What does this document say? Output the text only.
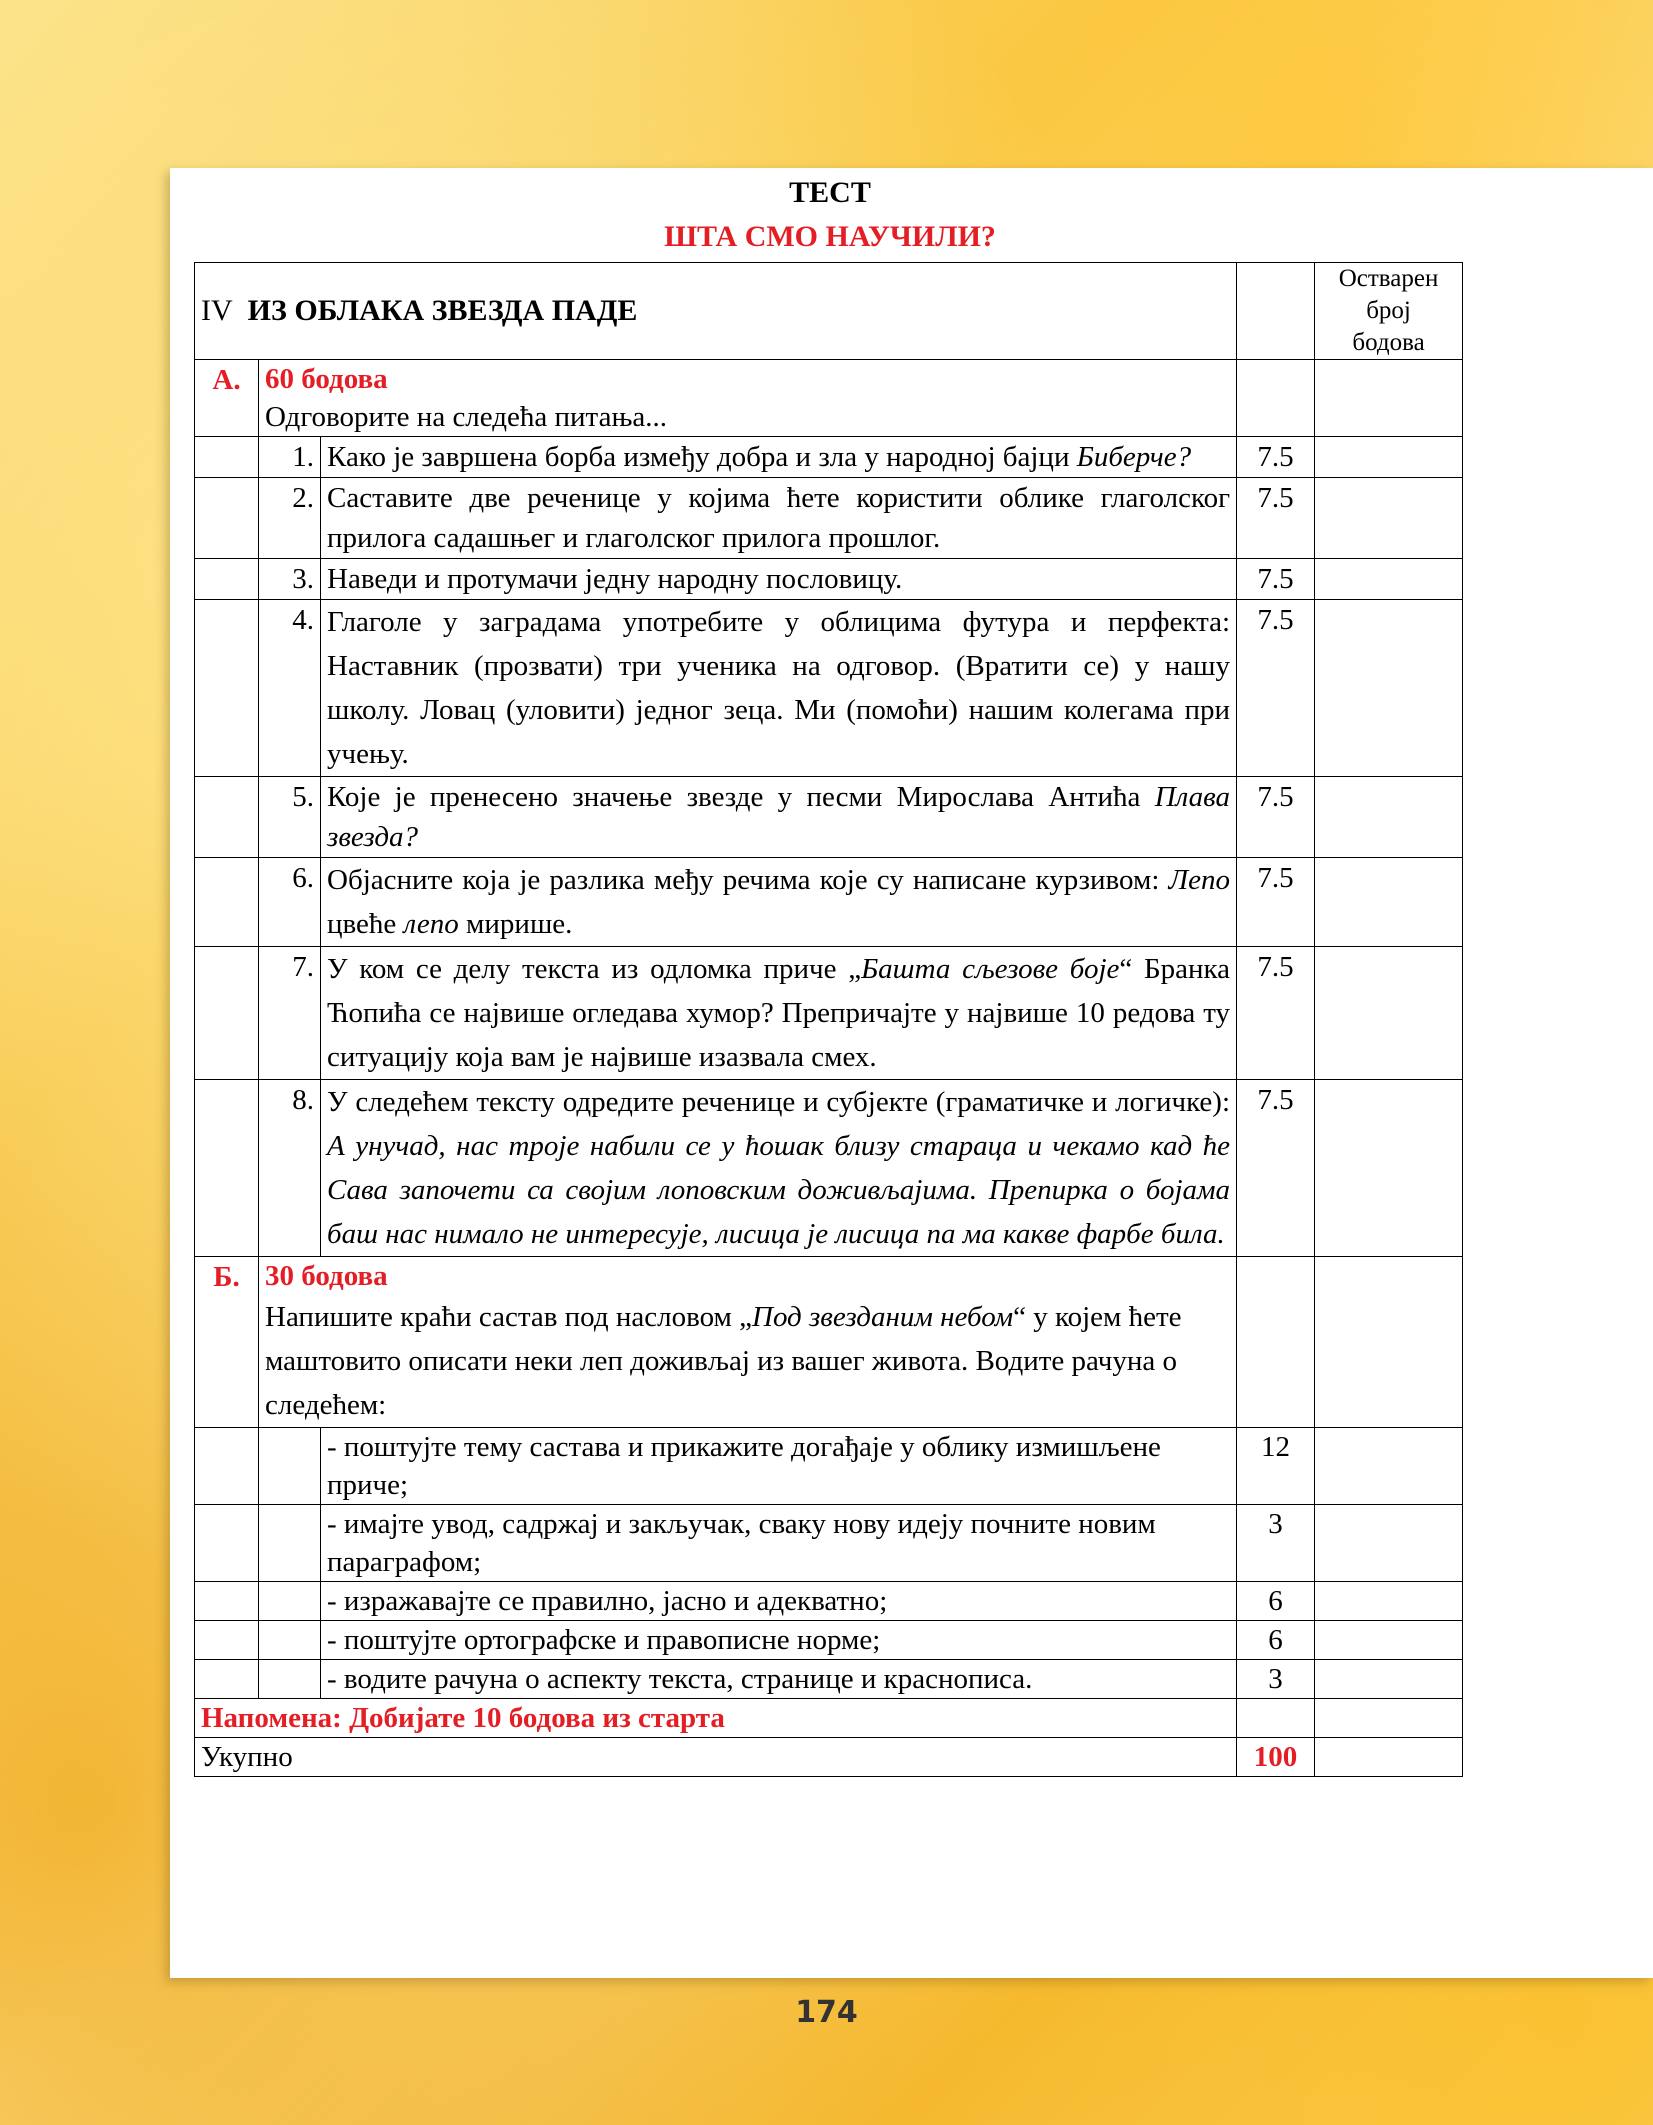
ТЕСТ
ШТА СМО НАУЧИЛИ?
IV ИЗ ОБЛАКА ЗВЕЗДА ПАДЕ				Остварен
број
бодова

А.	60 бодова
Одговорите на следећа питања...			

	1.	Како је завршена борба између добра и зла у народној бајци Биберче?	7.5	
	2.	Саставите две реченице у којима ћете користити облике глаголског прилога садашњег и глаголског прилога прошлог.	7.5	
	3.	Наведи и протумачи једну народну пословицу.	7.5	
	4.	Глаголе у заградама употребите у облицима футура и перфекта: Наставник (прозвати) три ученика на одговор. (Вратити се) у нашу школу. Ловац (уловити) једног зеца. Ми (помоћи) нашим колегама при учењу.	7.5	
	5.	Које је пренесено значење звезде у песми Мирослава Антића Плава звезда?	7.5	
	6.	Објасните која је разлика међу речима које су написане курзивом: Лепо цвеће лепо мирише.	7.5	
	7.	У ком се делу текста из одломка приче „Башта сљезове боје“ Бранка Ћопића се највише огледава хумор? Препричајте у највише 10 редова ту ситуацију која вам је највише изазвала смех.	7.5	
	8.	У следећем тексту одредите реченице и субјекте (граматичке и логичке): А унучад, нас троје набили се у ћошак близу стараца и чекамо кад ће Сава започети са својим лоповским доживљајима. Препирка о бојама баш нас нимало не интересује, лисица је лисица па ма какве фарбе била.	7.5	
Б.	30 бодова
Напишите краћи састав под насловом „Под звезданим небом“ у којем ћете маштовито описати неки леп доживљај из вашег живота. Водите рачуна о следећем:			

		- поштујте тему састава и прикажите догађаје у облику измишљене приче;	12	
		- имајте увод, садржај и закључак, сваку нову идеју почните новим параграфом;	3	
		- изражавајте се правилно, јасно и адекватно;	6	
		- поштујте ортографске и правописне норме;	6	
		- водите рачуна о аспекту текста, странице и краснописа.	3	
Напомена: Добијате 10 бодова из старта				
Укупно			100	
174
